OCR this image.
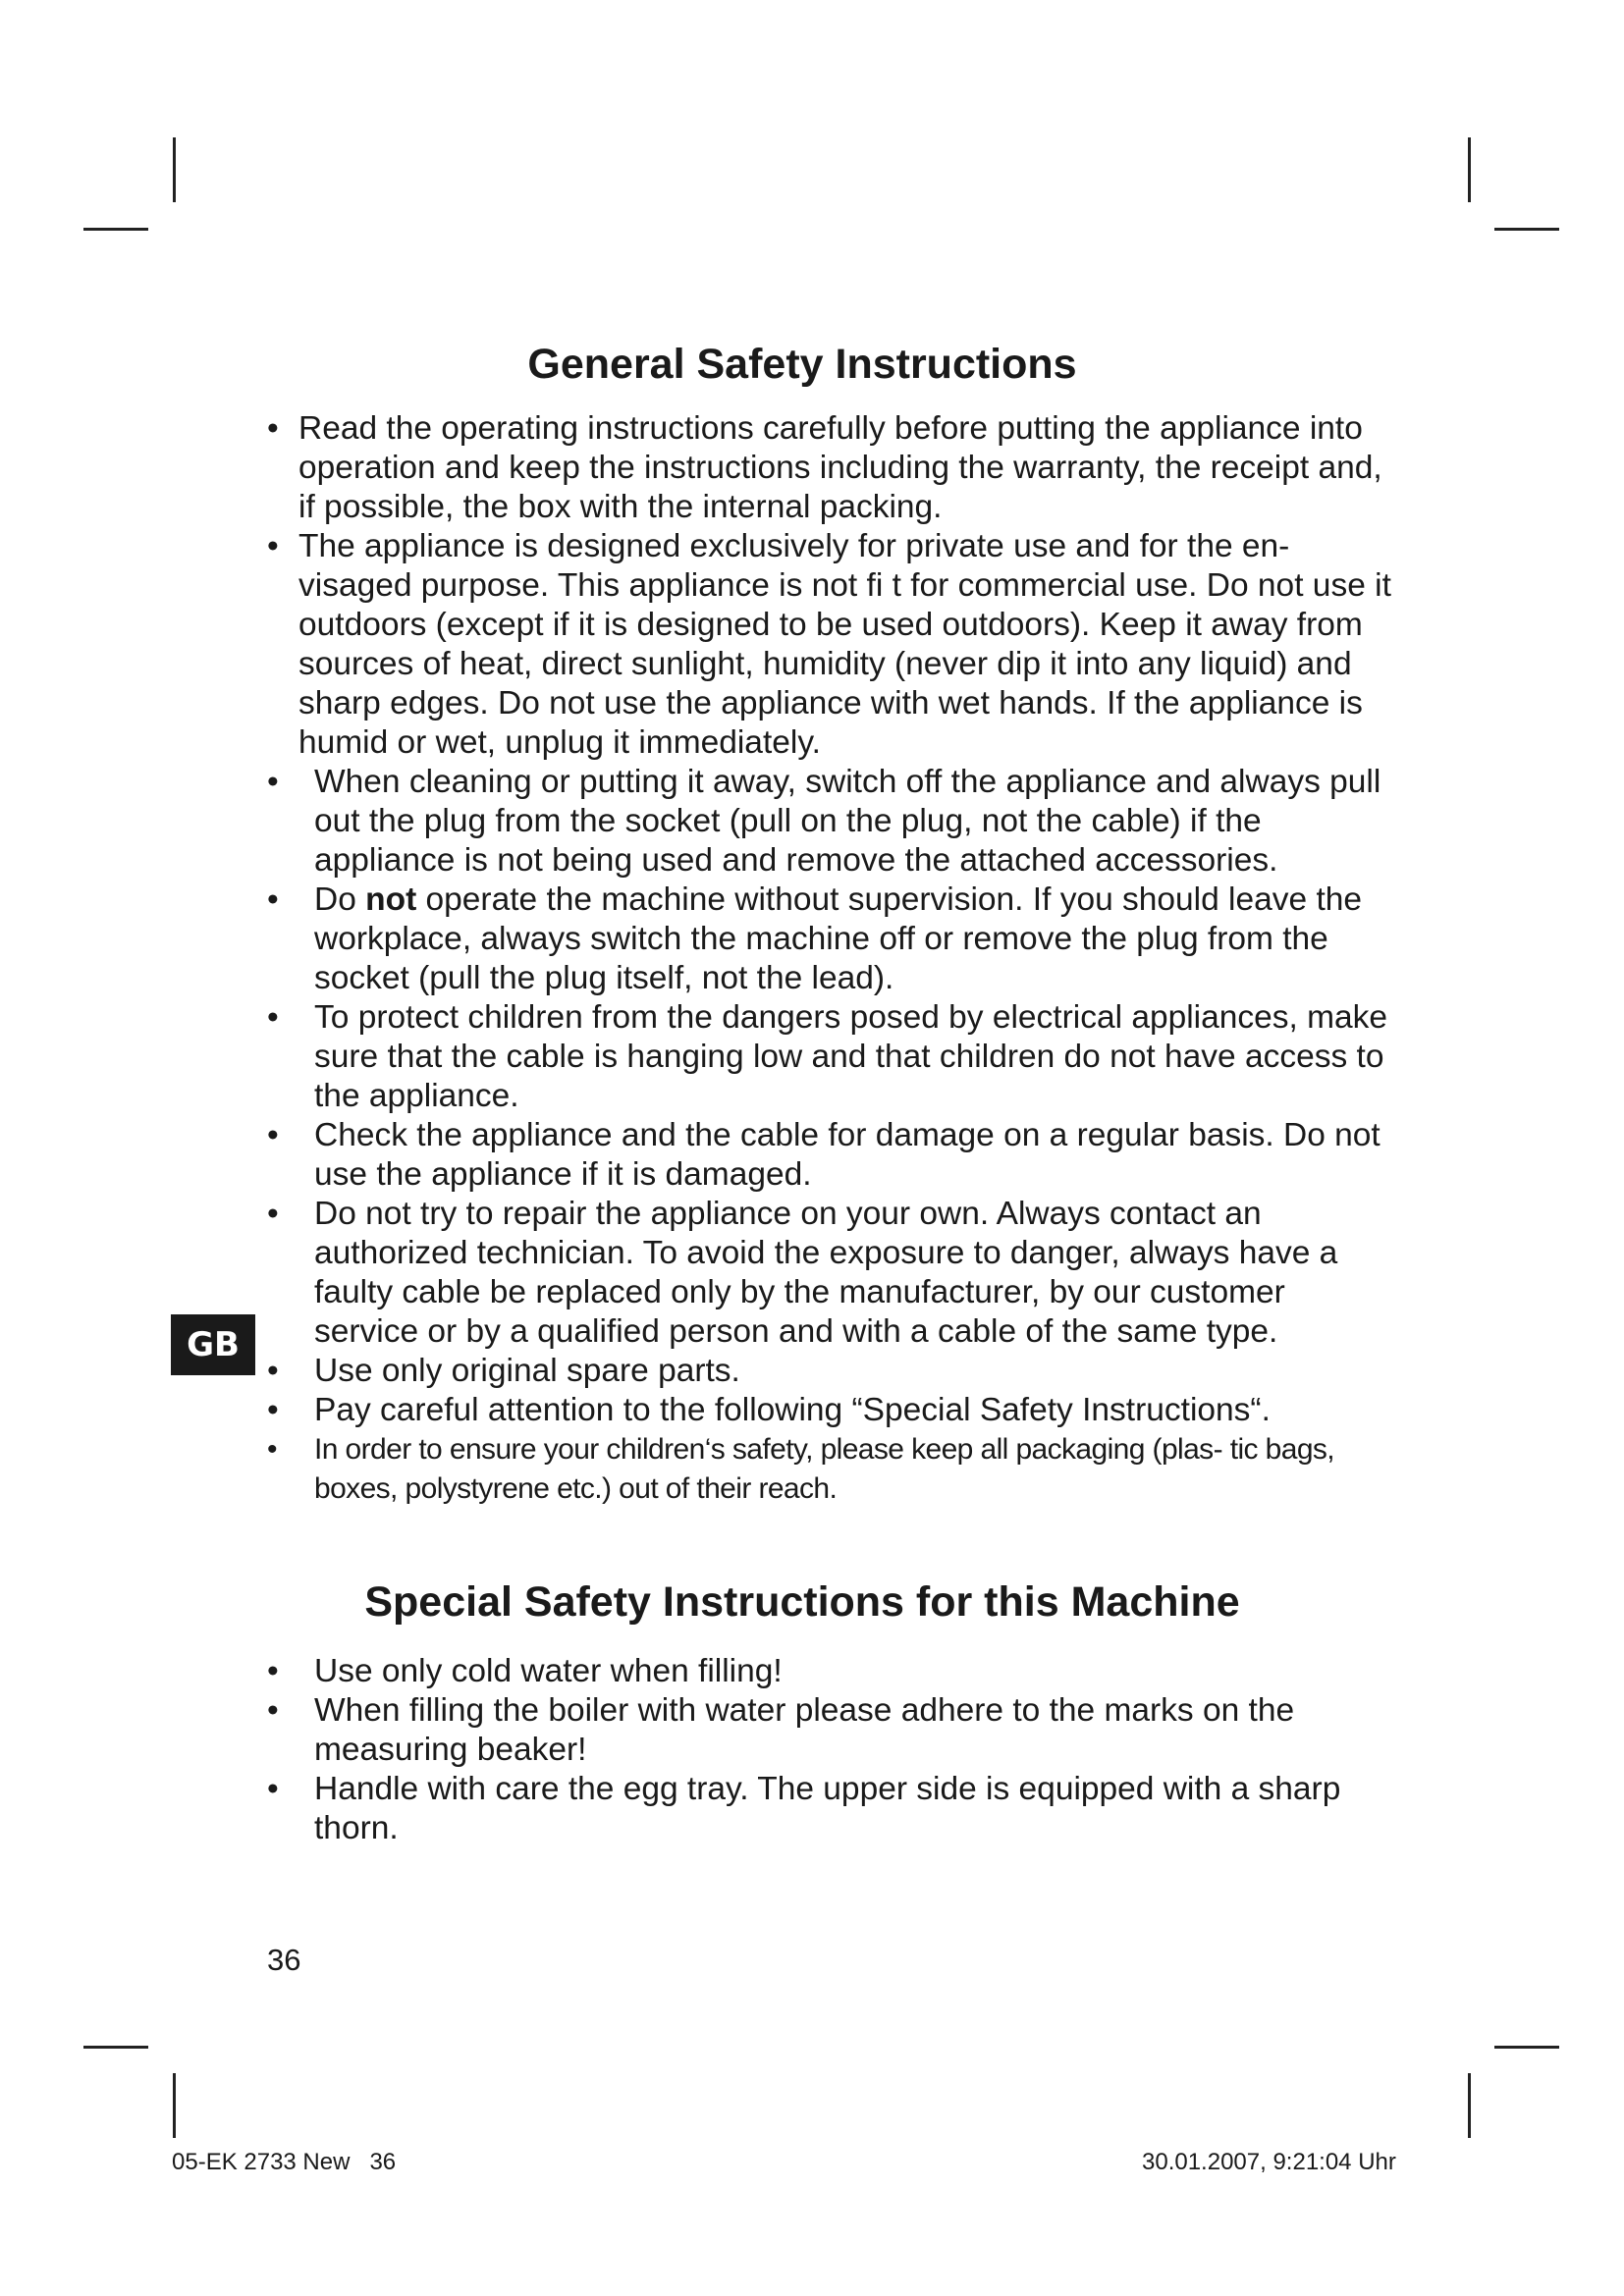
General Safety Instructions
• Read the operating instructions carefully before putting the appliance into operation and keep the instructions including the warranty, the receipt and, if possible, the box with the internal packing.
• The appliance is designed exclusively for private use and for the en- visaged purpose. This appliance is not fi t for commercial use. Do not use it outdoors (except if it is designed to be used outdoors). Keep it away from sources of heat, direct sunlight, humidity (never dip it into any liquid) and sharp edges. Do not use the appliance with wet hands. If the appliance is humid or wet, unplug it immediately.
• When cleaning or putting it away, switch off the appliance and always pull out the plug from the socket (pull on the plug, not the cable) if the appliance is not being used and remove the attached accessories.
• Do not operate the machine without supervision. If you should leave the workplace, always switch the machine off or remove the plug from the socket (pull the plug itself, not the lead).
• To protect children from the dangers posed by electrical appliances, make sure that the cable is hanging low and that children do not have access to the appliance.
• Check the appliance and the cable for damage on a regular basis. Do not use the appliance if it is damaged.
• Do not try to repair the appliance on your own. Always contact an authorized technician. To avoid the exposure to danger, always have a faulty cable be replaced only by the manufacturer, by our customer service or by a qualified person and with a cable of the same type.
• Use only original spare parts.
• Pay careful attention to the following “Special Safety Instructions“.
• In order to ensure your children‘s safety, please keep all packaging (plas- tic bags, boxes, polystyrene etc.) out of their reach.
GB
Special Safety Instructions for this Machine
• Use only cold water when filling!
• When filling the boiler with water please adhere to the marks on the measuring beaker!
• Handle with care the egg tray. The upper side is equipped with a sharp thorn.
36
05-EK 2733 New   36	30.01.2007, 9:21:04 Uhr
